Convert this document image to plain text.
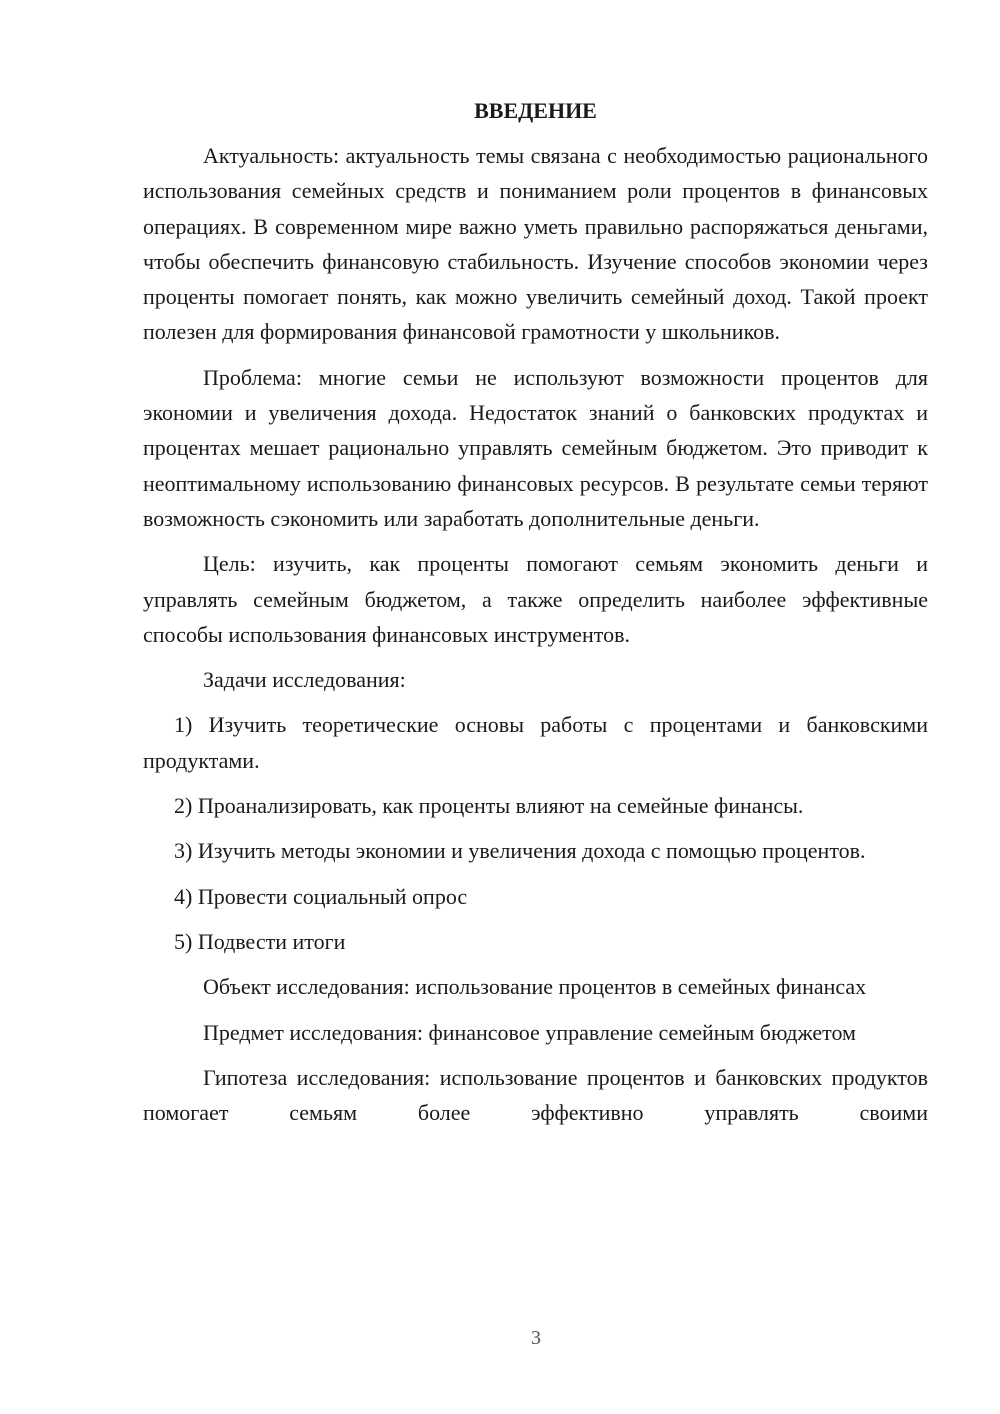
ВВЕДЕНИЕ

Актуальность: актуальность темы связана с необходимостью рационального использования семейных средств и пониманием роли процентов в финансовых операциях. В современном мире важно уметь правильно распоряжаться деньгами, чтобы обеспечить финансовую стабильность. Изучение способов экономии через проценты помогает понять, как можно увеличить семейный доход. Такой проект полезен для формирования финансовой грамотности у школьников.

Проблема: многие семьи не используют возможности процентов для экономии и увеличения дохода. Недостаток знаний о банковских продуктах и процентах мешает рационально управлять семейным бюджетом. Это приводит к неоптимальному использованию финансовых ресурсов. В результате семьи теряют возможность сэкономить или заработать дополнительные деньги.

Цель: изучить, как проценты помогают семьям экономить деньги и управлять семейным бюджетом, а также определить наиболее эффективные способы использования финансовых инструментов.

Задачи исследования:

1) Изучить теоретические основы работы с процентами и банковскими продуктами.

2) Проанализировать, как проценты влияют на семейные финансы.

3) Изучить методы экономии и увеличения дохода с помощью процентов.

4) Провести социальный опрос

5) Подвести итоги

Объект исследования: использование процентов в семейных финансах

Предмет исследования: финансовое управление семейным бюджетом

Гипотеза исследования: использование процентов и банковских продуктов помогает семьям более эффективно управлять своими

3
